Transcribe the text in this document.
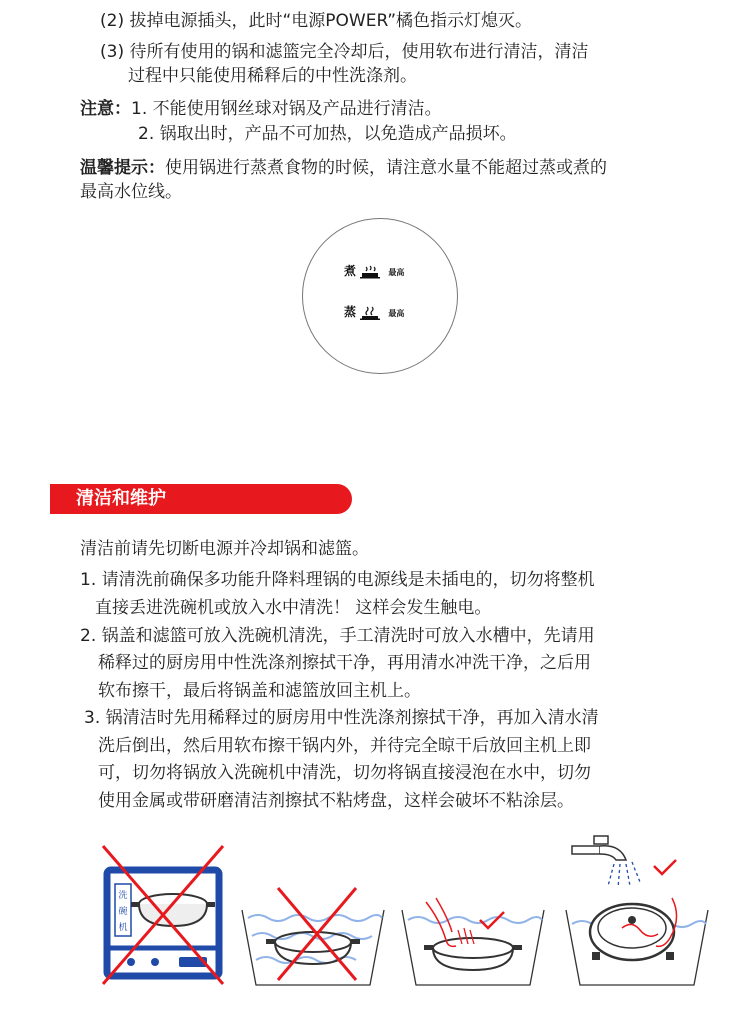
(2) 拔掉电源插头，此时“电源POWER”橘色指示灯熄灭。
(3) 待所有使用的锅和滤篮完全冷却后，使用软布进行清洁，清洁
过程中只能使用稀释后的中性洗涤剂。
注意：1. 不能使用钢丝球对锅及产品进行清洁。
2. 锅取出时，产品不可加热，以免造成产品损坏。
温馨提示：使用锅进行蒸煮食物的时候，请注意水量不能超过蒸或煮的
最高水位线。
煮	最高
蒸	最高
清洁和维护
清洁前请先切断电源并冷却锅和滤篮。
1. 请清洗前确保多功能升降料理锅的电源线是未插电的，切勿将整机
直接丢进洗碗机或放入水中清洗！ 这样会发生触电。
2. 锅盖和滤篮可放入洗碗机清洗，手工清洗时可放入水槽中，先请用
稀释过的厨房用中性洗涤剂擦拭干净，再用清水冲洗干净，之后用
软布擦干，最后将锅盖和滤篮放回主机上。
3. 锅清洁时先用稀释过的厨房用中性洗涤剂擦拭干净，再加入清水清
洗后倒出，然后用软布擦干锅内外，并待完全晾干后放回主机上即
可，切勿将锅放入洗碗机中清洗，切勿将锅直接浸泡在水中，切勿
使用金属或带研磨清洁剂擦拭不粘烤盘，这样会破坏不粘涂层。
洗
碗
机
